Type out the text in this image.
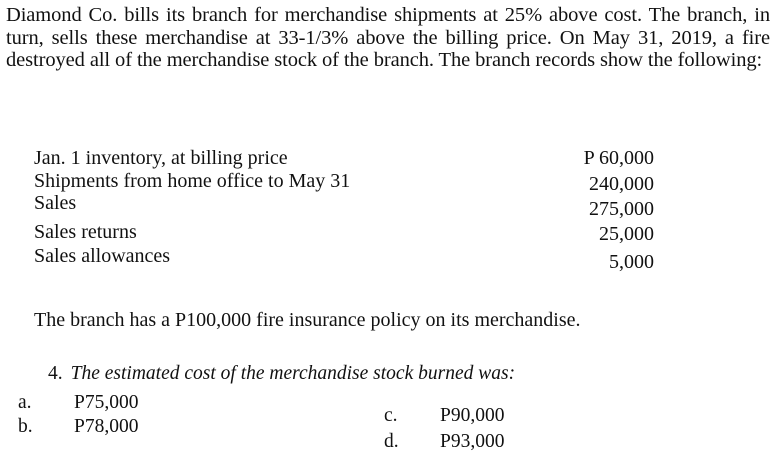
Diamond Co. bills its branch for merchandise shipments at 25% above cost. The branch, in turn, sells these merchandise at 33-1/3% above the billing price. On May 31, 2019, a fire destroyed all of the merchandise stock of the branch. The branch records show the following:

Jan. 1 inventory, at billing price	P 60,000
Shipments from home office to May 31	240,000
Sales	275,000
Sales returns	25,000
Sales allowances	5,000

The branch has a P100,000 fire insurance policy on its merchandise.

4. The estimated cost of the merchandise stock burned was:
a. P75,000
b. P78,000
c. P90,000
d. P93,000
